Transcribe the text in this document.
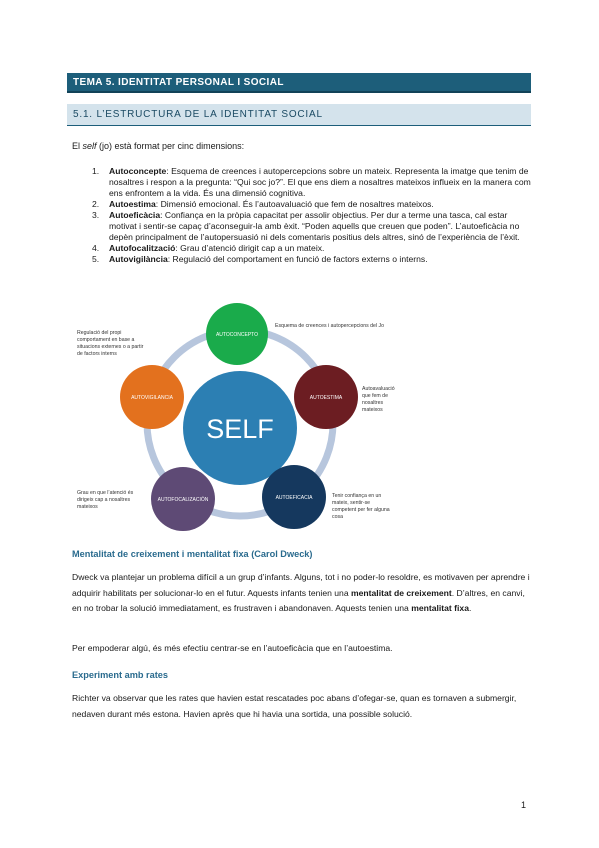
TEMA 5. IDENTITAT PERSONAL I SOCIAL
5.1. L’ESTRUCTURA DE LA IDENTITAT SOCIAL
El self (jo) està format per cinc dimensions:
1.	Autoconcepte: Esquema de creences i autopercepcions sobre un mateix. Representa la imatge que tenim de nosaltres i respon a la pregunta: “Qui soc jo?”. El que ens diem a nosaltres mateixos influeix en la manera com ens enfrontem a la vida. És una dimensió cognitiva.
2.	Autoestima: Dimensió emocional. És l’autoavaluació que fem de nosaltres mateixos.
3.	Autoeficàcia: Confiança en la pròpia capacitat per assolir objectius. Per dur a terme una tasca, cal estar motivat i sentir-se capaç d’aconseguir-la amb èxit. “Poden aquells que creuen que poden”. L’autoeficàcia no depèn principalment de l’autopersuasió ni dels comentaris positius dels altres, sinó de l’experiència de l’èxit.
4.	Autofocalització: Grau d’atenció dirigit cap a un mateix.
5.	Autovigilància: Regulació del comportament en funció de factors externs o interns.
SELF
AUTOCONCEPTO
AUTOESTIMA
AUTOEFICACIA
AUTOFOCALIZACIÓN
AUTOVIGILANCIA
Esquema de creences i autopercepcions del Jo
Autoavaluació
que fem de
nosaltres
mateixos
Tenir confiança en un
mateix, sentir-se
competent per fer alguna
cosa
Grau en que l’atenció és
dirigeix cap a nosaltres
mateixos
Regulació del propi
comportament en base a
situacions externes o a partir
de factors interns
Mentalitat de creixement i mentalitat fixa (Carol Dweck)
Dweck va plantejar un problema difícil a un grup d’infants. Alguns, tot i no poder-lo resoldre, es motivaven per aprendre i adquirir habilitats per solucionar-lo en el futur. Aquests infants tenien una mentalitat de creixement. D’altres, en canvi, en no trobar la solució immediatament, es frustraven i abandonaven. Aquests tenien una mentalitat fixa.
Per empoderar algú, és més efectiu centrar-se en l’autoeficàcia que en l’autoestima.
Experiment amb rates
Richter va observar que les rates que havien estat rescatades poc abans d’ofegar-se, quan es tornaven a submergir, nedaven durant més estona. Havien après que hi havia una sortida, una possible solució.
1
